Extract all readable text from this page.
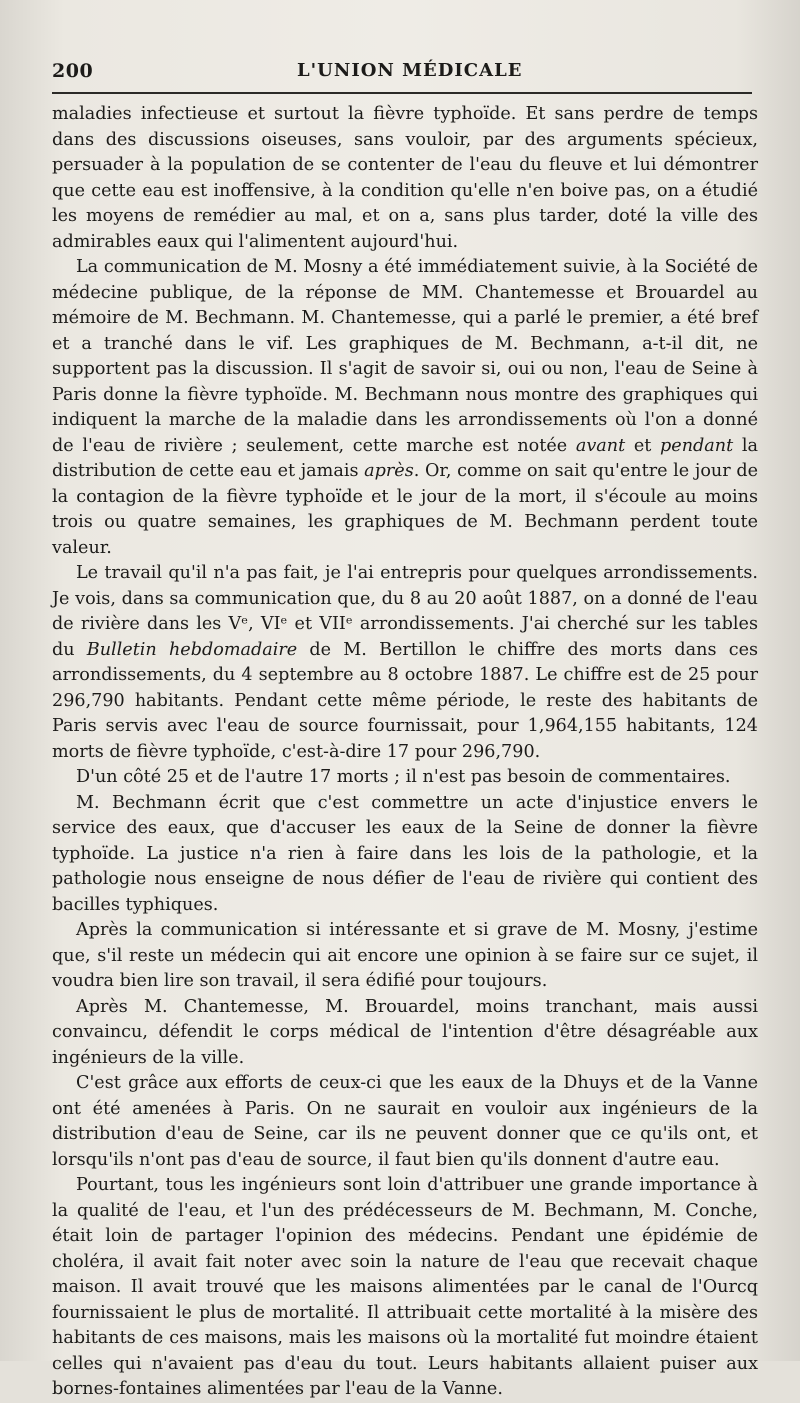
200	L'UNION MÉDICALE

maladies infectieuse et surtout la fièvre typhoïde. Et sans perdre de temps dans des discussions oiseuses, sans vouloir, par des arguments spécieux, persuader à la population de se contenter de l'eau du fleuve et lui démontrer que cette eau est inoffensive, à la condition qu'elle n'en boive pas, on a étudié les moyens de remédier au mal, et on a, sans plus tarder, doté la ville des admirables eaux qui l'alimentent aujourd'hui.

La communication de M. Mosny a été immédiatement suivie, à la Société de médecine publique, de la réponse de MM. Chantemesse et Brouardel au mémoire de M. Bechmann. M. Chantemesse, qui a parlé le premier, a été bref et a tranché dans le vif. Les graphiques de M. Bechmann, a-t-il dit, ne supportent pas la discussion. Il s'agit de savoir si, oui ou non, l'eau de Seine à Paris donne la fièvre typhoïde. M. Bechmann nous montre des graphiques qui indiquent la marche de la maladie dans les arrondissements où l'on a donné de l'eau de rivière ; seulement, cette marche est notée avant et pendant la distribution de cette eau et jamais après. Or, comme on sait qu'entre le jour de la contagion de la fièvre typhoïde et le jour de la mort, il s'écoule au moins trois ou quatre semaines, les graphiques de M. Bechmann perdent toute valeur.

Le travail qu'il n'a pas fait, je l'ai entrepris pour quelques arrondissements. Je vois, dans sa communication que, du 8 au 20 août 1887, on a donné de l'eau de rivière dans les Vᵉ, VIᵉ et VIIᵉ arrondissements. J'ai cherché sur les tables du Bulletin hebdomadaire de M. Bertillon le chiffre des morts dans ces arrondissements, du 4 septembre au 8 octobre 1887. Le chiffre est de 25 pour 296,790 habitants. Pendant cette même période, le reste des habitants de Paris servis avec l'eau de source fournissait, pour 1,964,155 habitants, 124 morts de fièvre typhoïde, c'est-à-dire 17 pour 296,790.

D'un côté 25 et de l'autre 17 morts ; il n'est pas besoin de commentaires.

M. Bechmann écrit que c'est commettre un acte d'injustice envers le service des eaux, que d'accuser les eaux de la Seine de donner la fièvre typhoïde. La justice n'a rien à faire dans les lois de la pathologie, et la pathologie nous enseigne de nous défier de l'eau de rivière qui contient des bacilles typhiques.

Après la communication si intéressante et si grave de M. Mosny, j'estime que, s'il reste un médecin qui ait encore une opinion à se faire sur ce sujet, il voudra bien lire son travail, il sera édifié pour toujours.

Après M. Chantemesse, M. Brouardel, moins tranchant, mais aussi convaincu, défendit le corps médical de l'intention d'être désagréable aux ingénieurs de la ville.

C'est grâce aux efforts de ceux-ci que les eaux de la Dhuys et de la Vanne ont été amenées à Paris. On ne saurait en vouloir aux ingénieurs de la distribution d'eau de Seine, car ils ne peuvent donner que ce qu'ils ont, et lorsqu'ils n'ont pas d'eau de source, il faut bien qu'ils donnent d'autre eau.

Pourtant, tous les ingénieurs sont loin d'attribuer une grande importance à la qualité de l'eau, et l'un des prédécesseurs de M. Bechmann, M. Conche, était loin de partager l'opinion des médecins. Pendant une épidémie de choléra, il avait fait noter avec soin la nature de l'eau que recevait chaque maison. Il avait trouvé que les maisons alimentées par le canal de l'Ourcq fournissaient le plus de mortalité. Il attribuait cette mortalité à la misère des habitants de ces maisons, mais les maisons où la mortalité fut moindre étaient celles qui n'avaient pas d'eau du tout. Leurs habitants allaient puiser aux bornes-fontaines alimentées par l'eau de la Vanne.
